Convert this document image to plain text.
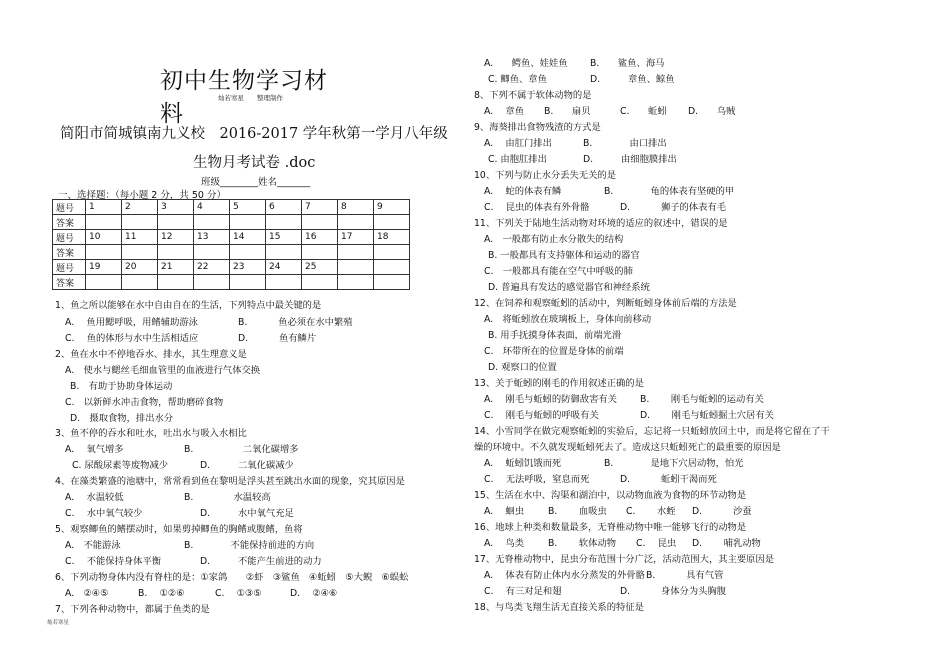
初中生物学习材料
灿若寒星　　整理制作
简阳市简城镇南九义校　2016-2017 学年秋第一学月八年级
生物月考试卷 .doc
班级________姓名_______
一、选择题：（每小题 2 分，共 50 分）
题号	1	2	3	4	5	6	7	8	9
答案									
题号	10	11	12	13	14	15	16	17	18
答案									
题号	19	20	21	22	23	24	25		
答案									
1、鱼之所以能够在水中自由自在的生活，下列特点中最关键的是
A.　 鱼用鳃呼吸，用鳍辅助游泳	B.　　　 鱼必须在水中繁殖
C.　 鱼的体形与水中生活相适应	D.　　　 鱼有鳞片
2、鱼在水中不停地吞水、排水，其生理意义是
A.　使水与鳃丝毛细血管里的血液进行气体交换
B.　有助于协助身体运动
C.　以新鲜水冲击食物，帮助磨碎食物
D.　摄取食物，排出水分
3、鱼不停的吞水和吐水，吐出水与吸入水相比
A.　 氧气增多	B.　　　　　 二氧化碳增多
C. 尿酸尿素等废物减少	D.　　　二氧化碳减少
4、在藻类繁盛的池塘中，常常看到鱼在黎明是浮头甚至跳出水面的现象，究其原因是
A.　 水温较低	B.　　　　 水温较高
C.　 水中氧气较少	D.　　　水中氧气充足
5、观察鲫鱼的鳍摆动时，如果剪掉鲫鱼的胸鳍或腹鳍，鱼将
A.　不能游泳	B.　　　　不能保持前进的方向
C.　 不能保持身体平衡	D.　　　不能产生前进的动力
6、下列动物身体内没有脊柱的是：①家鸽　　②虾　③鲨鱼　④蚯蚓　⑤大鲵　⑥蜈蚣
A.　②④⑤	B.　 ①②⑥	C.　 ①③⑤	D.　 ②④⑥
7、下列各种动物中，都属于鱼类的是
灿若寒星
A.　　鳄鱼、娃娃鱼 B.　　鲨鱼、海马
C. 鲫鱼、章鱼	D.　　　章鱼、鲸鱼
8、下列不属于软体动物的是
A.　 章鱼 B.　　扇贝	C.　　蚯蚓 D.　　乌贼
9、海葵排出食物残渣的方式是
A.　 由肛门排出	B.　　　　由口排出
C. 由胞肛排出	D.　　　由细胞膜排出
10、下列与防止水分丢失无关的是
A.　 蛇的体表有鳞	B.　　　　龟的体表有坚硬的甲
C.　 昆虫的体表有外骨骼	D.　　　 狮子的体表有毛
11、下列关于陆地生活动物对环境的适应的叙述中，错误的是
A.　一般都有防止水分散失的结构
B. 一般都具有支持躯体和运动的器官
C.　一般都具有能在空气中呼吸的肺
D. 普遍具有发达的感觉器官和神经系统
12、在饲养和观察蚯蚓的活动中，判断蚯蚓身体前后端的方法是
A.　将蚯蚓放在玻璃板上，身体向前移动
B. 用手抚摸身体表面，前端光滑
C.　环带所在的位置是身体的前端
D. 观察口的位置
13、关于蚯蚓的刚毛的作用叙述正确的是
A.　 刚毛与蚯蚓的防御敌害有关 B.　　 刚毛与蚯蚓的运动有关
C.　 刚毛与蚯蚓的呼吸有关	D.　　 刚毛与蚯蚓掘土穴居有关
14、小雪同学在做完观察蚯蚓的实验后，忘记将一只蚯蚓放回土中，而是将它留在了干
燥的环境中。不久就发现蚯蚓死去了。造成这只蚯蚓死亡的最重要的原因是
A.　 蚯蚓饥饿而死	B.　　　　是地下穴居动物，怕光
C.　 无法呼吸，窒息而死	D.　　　 蚯蚓干渴而死
15、生活在水中、沟渠和湖泊中，以动物血液为食物的环节动物是
A.　 蛔虫	B.　　 血吸虫 C.　　 水蛭 D.　　　 沙蚕
16、地球上种类和数量最多，无脊椎动物中唯一能够飞行的动物是
A.　 鸟类	B.　　 软体动物 C.　 昆虫 D.　　 哺乳动物
17、无脊椎动物中，昆虫分布范围十分广泛，活动范围大，其主要原因是
A.　 体表有防止体内水分蒸发的外骨骼 B.　　　 具有气管
C.　 有三对足和翅	D.　　　 身体分为头胸腹
18、与鸟类飞翔生活无直接关系的特征是
